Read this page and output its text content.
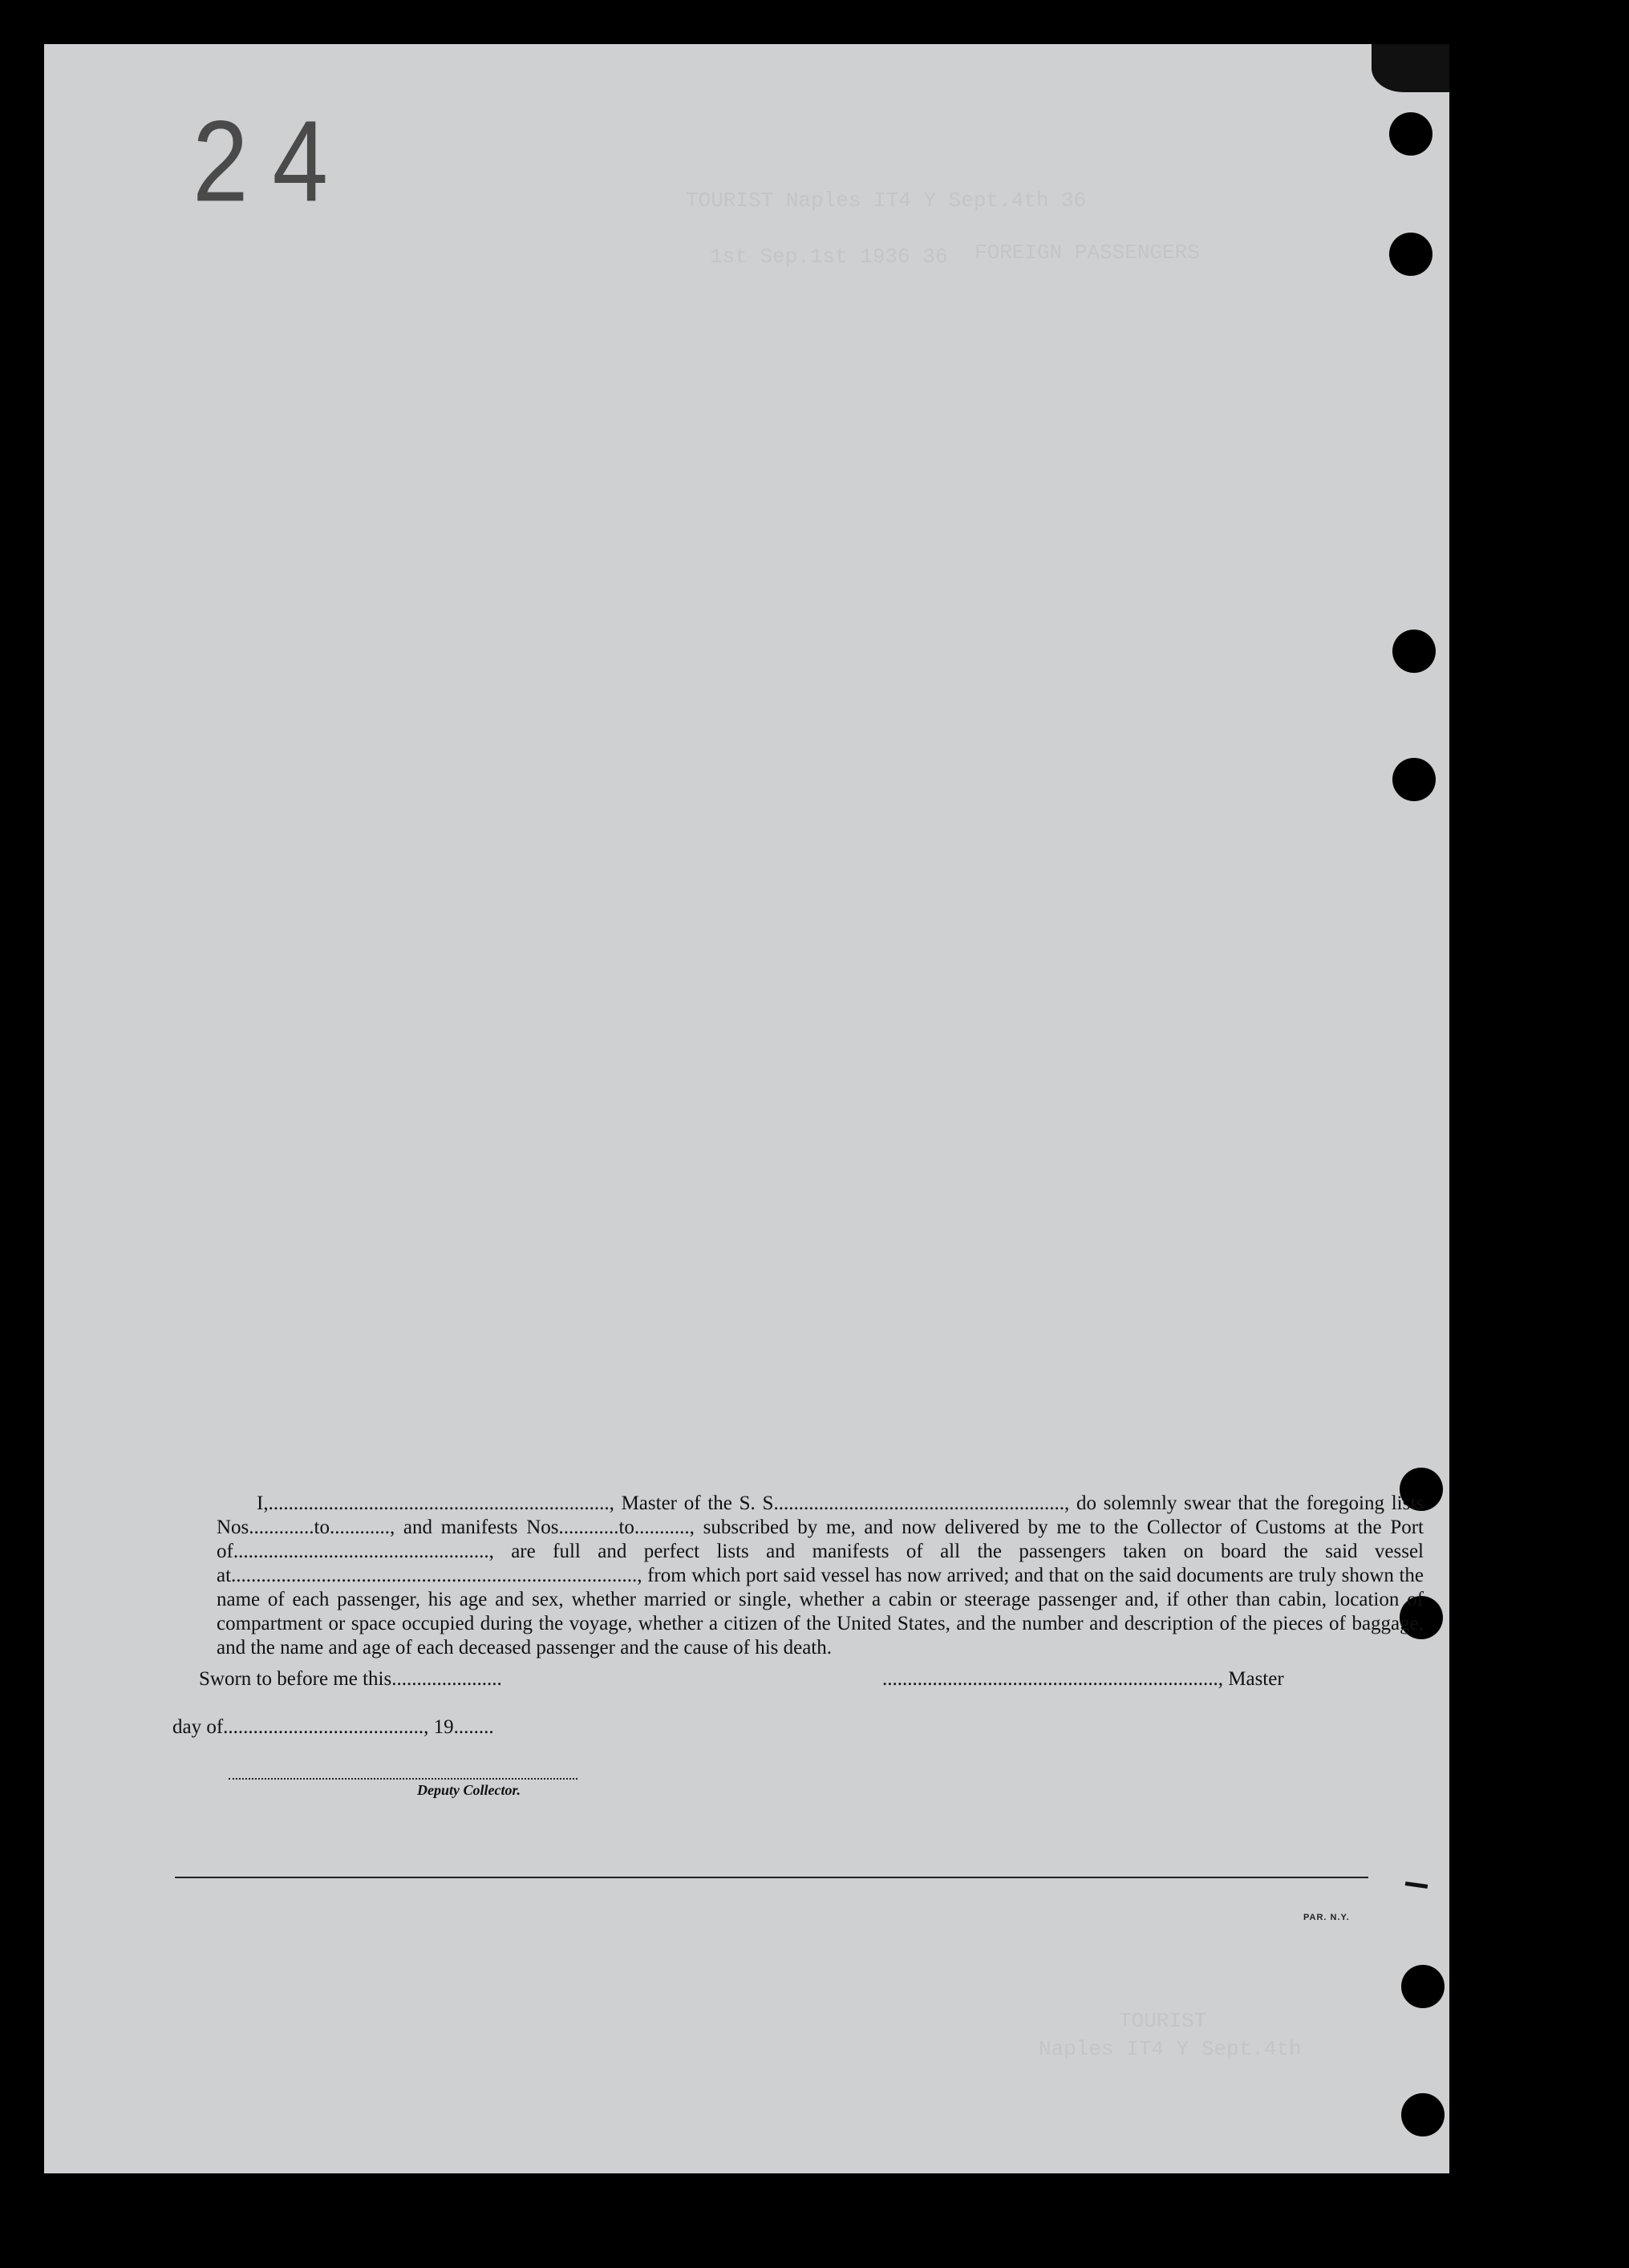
24	TOURIST Naples IT4 Y Sept.4th 36
FOREIGN PASSENGERS
1st Sep.1st 1936 36
TOURIST
Naples IT4 Y Sept.4th

I,...................................................................., Master of the S. S.........................................................., do solemnly swear that the foregoing lists Nos.............to............, and manifests Nos............to..........., subscribed by me, and now delivered by me to the Collector of Customs at the Port of..................................................., are full and perfect lists and manifests of all the passengers taken on board the said vessel at................................................................................., from which port said vessel has now arrived; and that on the said documents are truly shown the name of each passenger, his age and sex, whether married or single, whether a cabin or steerage passenger and, if other than cabin, location of compartment or space occupied during the voyage, whether a citizen of the United States, and the number and description of the pieces of baggage, and the name and age of each deceased passenger and the cause of his death.

Sworn to before me this......................	..................................................................., Master
day of........................................, 19........
Deputy Collector.
PAR. N.Y.
